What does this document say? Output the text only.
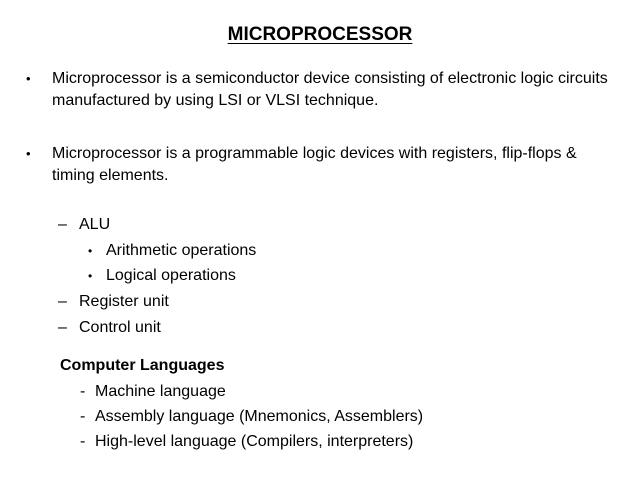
MICROPROCESSOR
• Microprocessor is a semiconductor device consisting of electronic logic circuits manufactured by using LSI or VLSI technique.
• Microprocessor is a programmable logic devices with registers, flip-flops & timing elements.
– ALU
• Arithmetic operations
• Logical operations
– Register unit
– Control unit
Computer Languages
- Machine language
- Assembly language (Mnemonics, Assemblers)
- High-level language (Compilers, interpreters)
